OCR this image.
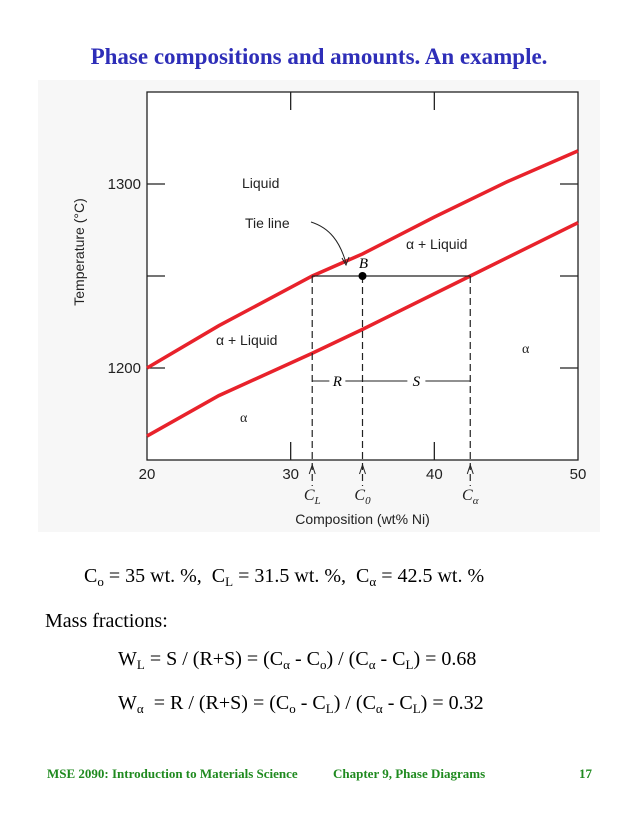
Phase compositions and amounts. An example.
20	30	40	50
1200
1300
Temperature (°C)
Composition (wt% Ni)
$C_L$ $C_0$	$C_\alpha$
B
R	S
Liquid
α + Liquid
α + Liquid
α
α
Tie line
$C_o = 35$ wt. %,  $C_L = 31.5$ wt. %,  $C_\alpha = 42.5$ wt. %
Mass fractions:
$W_L = S / (R+S) = (C_\alpha - C_o) / (C_\alpha - C_L) = 0.68$
$W_\alpha = R / (R+S) = (C_o - C_L) / (C_\alpha - C_L) = 0.32$
MSE 2090: Introduction to Materials Science	Chapter 9, Phase Diagrams	17
